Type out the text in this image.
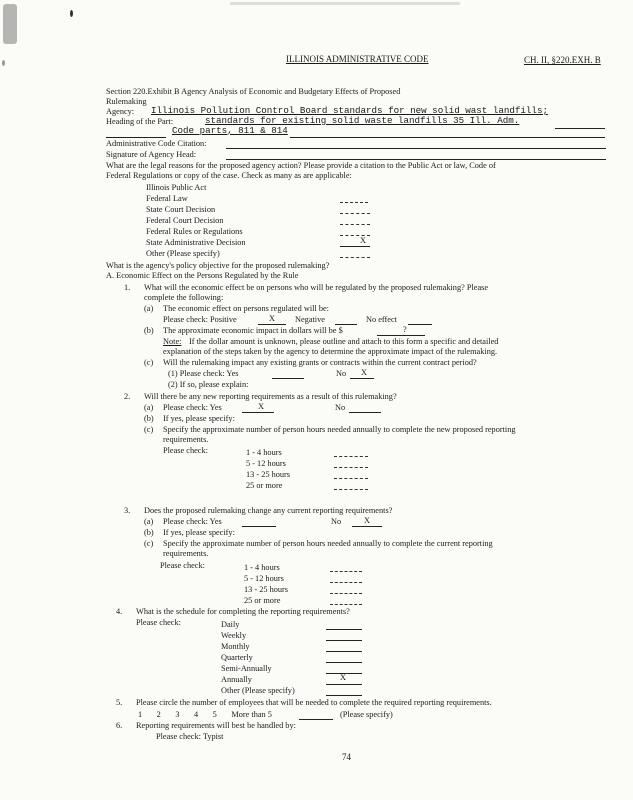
ILLINOIS ADMINISTRATIVE CODE	CH. II, §220.EXH. B
Section 220.Exhibit B Agency Analysis of Economic and Budgetary Effects of Proposed
Rulemaking
Agency: Illinois Pollution Control Board standards for new solid wast landfills;
Heading of the Part:	standards for existing solid waste landfills 35 Ill. Adm.
Code parts, 811 & 814
Administrative Code Citation:
Signature of Agency Head:
What are the legal reasons for the proposed agency action? Please provide a citation to the Public Act or law, Code of
Federal Regulations or copy of the case. Check as many as are applicable:
Illinois Public Act
Federal Law
State Court Decision
Federal Court Decision
Federal Rules or Regulations
State Administrative Decision	X
Other (Please specify)
What is the agency's policy objective for the proposed rulemaking?
A. Economic Effect on the Persons Regulated by the Rule
1. What will the economic effect be on persons who will be regulated by the proposed rulemaking? Please
complete the following:
(a) The economic effect on persons regulated will be:
Please check: Positive	X Negative	No effect
(b) The approximate economic impact in dollars will be $	?
Note: If the dollar amount is unknown, please outline and attach to this form a specific and detailed
explanation of the steps taken by the agency to determine the approximate impact of the rulemaking.
(c) Will the rulemaking impact any existing grants or contracts within the current contract period?
(1) Please check: Yes	No X
(2) If so, please explain:
2. Will there be any new reporting requirements as a result of this rulemaking?
(a) Please check: Yes	X	No
(b) If yes, please specify:
(c) Specify the approximate number of person hours needed annually to complete the new proposed reporting
requirements.
Please check:	1 - 4 hours
5 - 12 hours
13 - 25 hours
25 or more
3. Does the proposed rulemaking change any current reporting requirements?
(a) Please check: Yes	No	X
(b) If yes, please specify:
(c) Specify the approximate number of person hours needed annually to complete the current reporting
requirements.
Please check:	1 - 4 hours
5 - 12 hours
13 - 25 hours
25 or more
4. What is the schedule for completing the reporting requirements?
Please check:	Daily
Weekly
Monthly
Quarterly
Semi-Annually
Annually	X
Other (Please specify)
5. Please circle the number of employees that will be needed to complete the required reporting requirements.
1       2       3       4       5       More than 5	(Please specify)
6. Reporting requirements will best be handled by:
Please check: Typist
74
